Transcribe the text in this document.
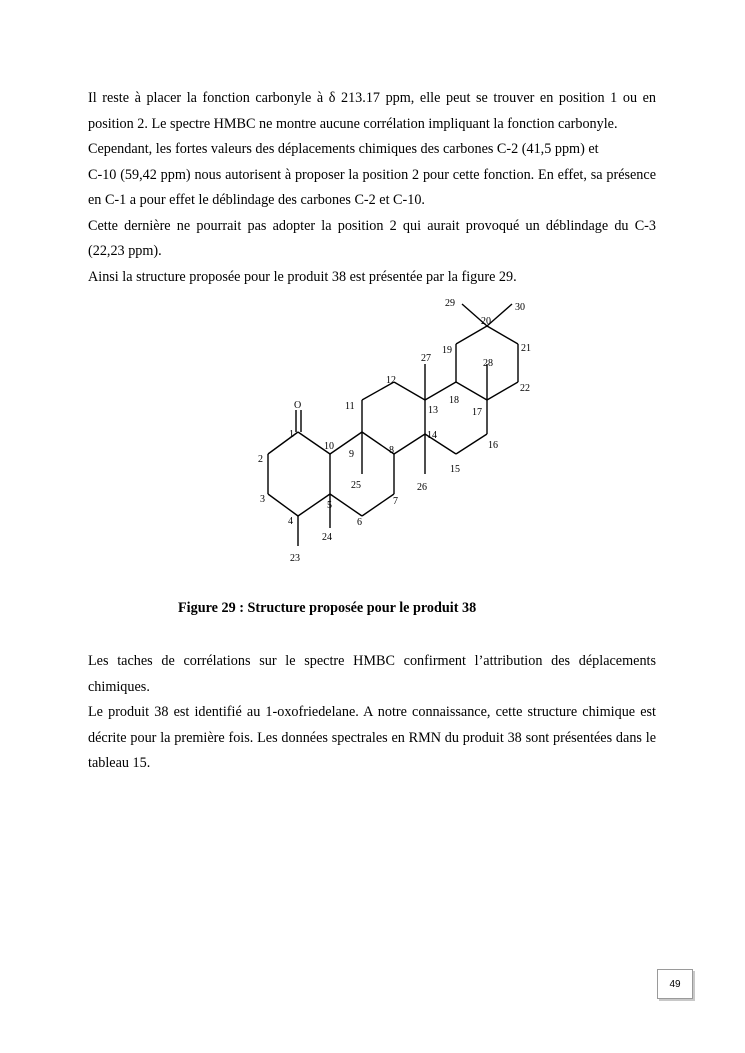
Il reste à placer la fonction carbonyle à δ 213.17 ppm, elle peut se trouver en position 1 ou en position 2. Le spectre HMBC ne montre aucune corrélation impliquant la fonction carbonyle.
Cependant, les fortes valeurs des déplacements chimiques des carbones C-2 (41,5 ppm) et
C-10 (59,42 ppm) nous autorisent à proposer la position 2 pour cette fonction. En effet, sa présence en C-1 a pour effet le déblindage des carbones C-2 et C-10.
Cette dernière ne pourrait pas adopter la position 2 qui aurait provoqué un déblindage du C-3 (22,23 ppm).
Ainsi la structure proposée pour le produit 38 est présentée par la figure 29.
O
1
2
3
4
5
6
7
8
9
10
11
12
13
14
15
16
17
18
19
20
21
22
23
24
25	26
27	28
29	30
Figure 29 : Structure proposée pour le produit 38
Les taches de corrélations sur le spectre HMBC confirment l’attribution des déplacements chimiques.
Le produit 38 est identifié au 1-oxofriedelane. A notre connaissance, cette structure chimique est décrite pour la première fois. Les données spectrales en RMN du produit 38 sont présentées dans le tableau 15.
49
